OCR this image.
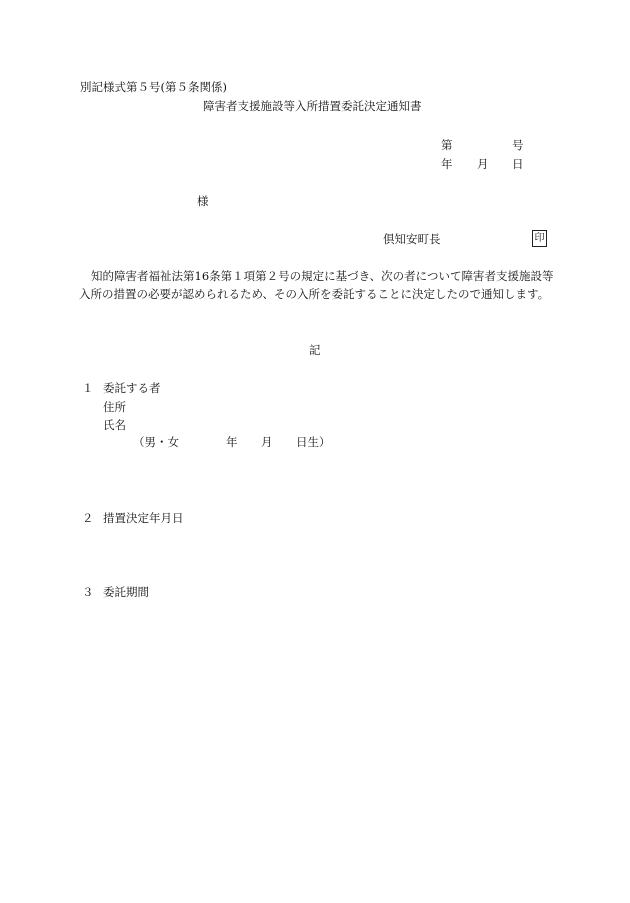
別記様式第５号(第５条関係)
障害者支援施設等入所措置委託決定通知書
第	号
年 月 日
様
倶知安町長	印
知的障害者福祉法第16条第１項第２号の規定に基づき、次の者について障害者支援施設等入所の措置の必要が認められるため、その入所を委託することに決定したので通知します。
記
１ 委託する者
住所
氏名
（男・女	年 月 日生）
２ 措置決定年月日
３ 委託期間
